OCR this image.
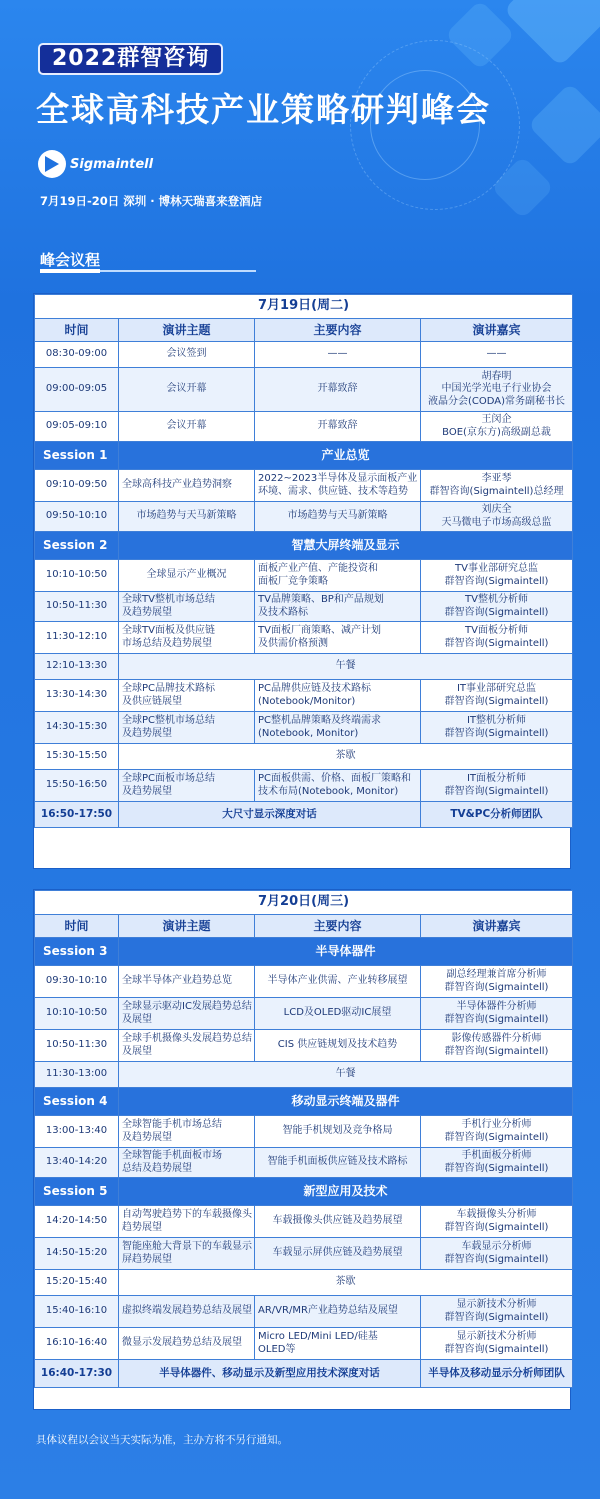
2022群智咨询
全球高科技产业策略研判峰会
Sigmaintell
7月19日-20日 深圳 · 博林天瑞喜来登酒店
峰会议程
7月19日(周二)			
时间	演讲主题	主要内容	演讲嘉宾
08:30-09:00	会议签到	——	——
09:00-09:05	会议开幕	开幕致辞	胡春明
中国光学光电子行业协会
液晶分会(CODA)常务副秘书长
09:05-09:10	会议开幕	开幕致辞	王闵企
BOE(京东方)高级副总裁
Session 1	产业总览		
09:10-09:50	全球高科技产业趋势洞察	2022~2023半导体及显示面板产业环境、需求、供应链、技术等趋势	李亚琴
群智咨询(Sigmaintell)总经理
09:50-10:10	市场趋势与天马新策略	市场趋势与天马新策略	刘庆全
天马微电子市场高级总监
Session 2	智慧大屏终端及显示		
10:10-10:50	全球显示产业概况	面板产业产值、产能投资和
面板厂竞争策略	TV事业部研究总监
群智咨询(Sigmaintell)
10:50-11:30	全球TV整机市场总结
及趋势展望	TV品牌策略、BP和产品规划
及技术路标	TV整机分析师
群智咨询(Sigmaintell)
11:30-12:10	全球TV面板及供应链
市场总结及趋势展望	TV面板厂商策略、减产计划
及供需价格预测	TV面板分析师
群智咨询(Sigmaintell)
12:10-13:30	午餐		
13:30-14:30	全球PC品牌技术路标
及供应链展望	PC品牌供应链及技术路标
(Notebook/Monitor)	IT事业部研究总监
群智咨询(Sigmaintell)
14:30-15:30	全球PC整机市场总结
及趋势展望	PC整机品牌策略及终端需求
(Notebook, Monitor)	IT整机分析师
群智咨询(Sigmaintell)
15:30-15:50	茶歇		
15:50-16:50	全球PC面板市场总结
及趋势展望	PC面板供需、价格、面板厂策略和技术布局(Notebook, Monitor)	IT面板分析师
群智咨询(Sigmaintell)
16:50-17:50	大尺寸显示深度对话		TV&PC分析师团队
7月20日(周三)			
时间	演讲主题	主要内容	演讲嘉宾
Session 3	半导体器件		
09:30-10:10	全球半导体产业趋势总览	半导体产业供需、产业转移展望	副总经理兼首席分析师
群智咨询(Sigmaintell)
10:10-10:50	全球显示驱动IC发展趋势总结及展望	LCD及OLED驱动IC展望	半导体器件分析师
群智咨询(Sigmaintell)
10:50-11:30	全球手机摄像头发展趋势总结及展望	CIS 供应链规划及技术趋势	影像传感器件分析师
群智咨询(Sigmaintell)
11:30-13:00	午餐		
Session 4	移动显示终端及器件		
13:00-13:40	全球智能手机市场总结
及趋势展望	智能手机规划及竞争格局	手机行业分析师
群智咨询(Sigmaintell)
13:40-14:20	全球智能手机面板市场
总结及趋势展望	智能手机面板供应链及技术路标	手机面板分析师
群智咨询(Sigmaintell)
Session 5	新型应用及技术		
14:20-14:50	自动驾驶趋势下的车载摄像头趋势展望	车载摄像头供应链及趋势展望	车载摄像头分析师
群智咨询(Sigmaintell)
14:50-15:20	智能座舱大背景下的车载显示屏趋势展望	车载显示屏供应链及趋势展望	车载显示分析师
群智咨询(Sigmaintell)
15:20-15:40	茶歇		
15:40-16:10	虚拟终端发展趋势总结及展望	AR/VR/MR产业趋势总结及展望	显示新技术分析师
群智咨询(Sigmaintell)
16:10-16:40	微显示发展趋势总结及展望	Micro LED/Mini LED/硅基
OLED等	显示新技术分析师
群智咨询(Sigmaintell)
16:40-17:30	半导体器件、移动显示及新型应用技术深度对话		半导体及移动显示分析师团队
具体议程以会议当天实际为准，主办方将不另行通知。
